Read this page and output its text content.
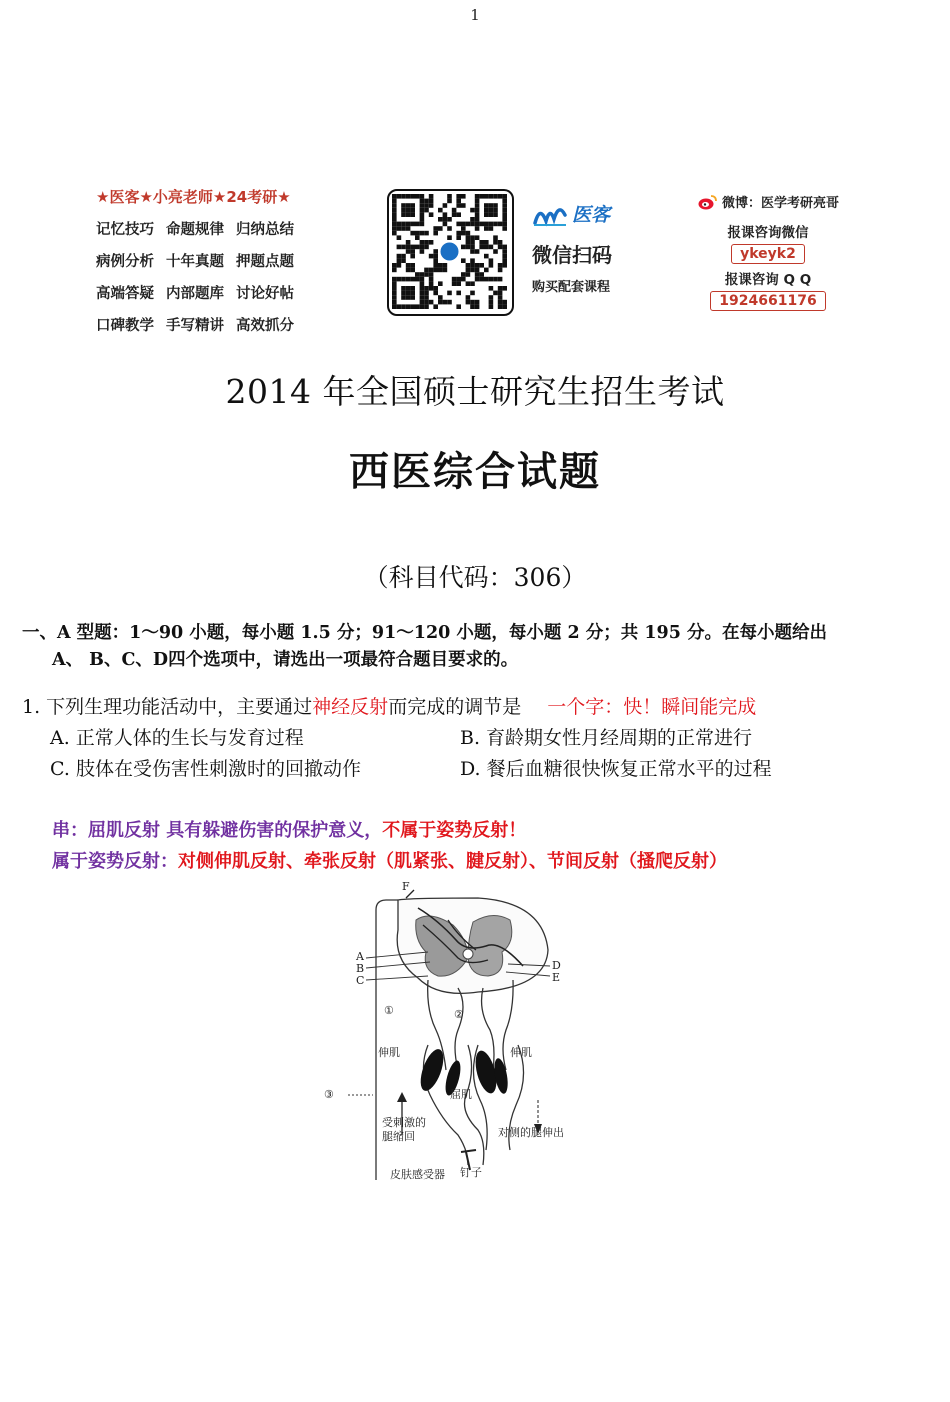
1
★医客★小亮老师★24考研★
记忆技巧 命题规律 归纳总结
病例分析 十年真题 押题点题
高端答疑 内部题库 讨论好帖
口碑教学 手写精讲 高效抓分
医客
微信扫码
购买配套课程
微博：医学考研亮哥
报课咨询微信
ykeyk2
报课咨询 Q Q
1924661176
2014 年全国硕士研究生招生考试
西医综合试题
（科目代码：306）
一、A 型题：1～90 小题，每小题 1.5 分；91～120 小题，每小题 2 分；共 195 分。在每小题给出
A、 B、C、D四个选项中，请选出一项最符合题目要求的。
1. 下列生理功能活动中，主要通过神经反射而完成的调节是 一个字：快！瞬间能完成
A. 正常人体的生长与发育过程	B. 育龄期女性月经周期的正常进行
C. 肢体在受伤害性刺激时的回撤动作	D. 餐后血糖很快恢复正常水平的过程
串：屈肌反射 具有躲避伤害的保护意义，不属于姿势反射！
属于姿势反射：对侧伸肌反射、牵张反射（肌紧张、腱反射）、节间反射（搔爬反射）
F
A
B
C
D
E
①	②
③
伸肌	伸肌
屈肌
受刺激的
腿缩回	对侧的腿伸出
皮肤感受器 钉子
